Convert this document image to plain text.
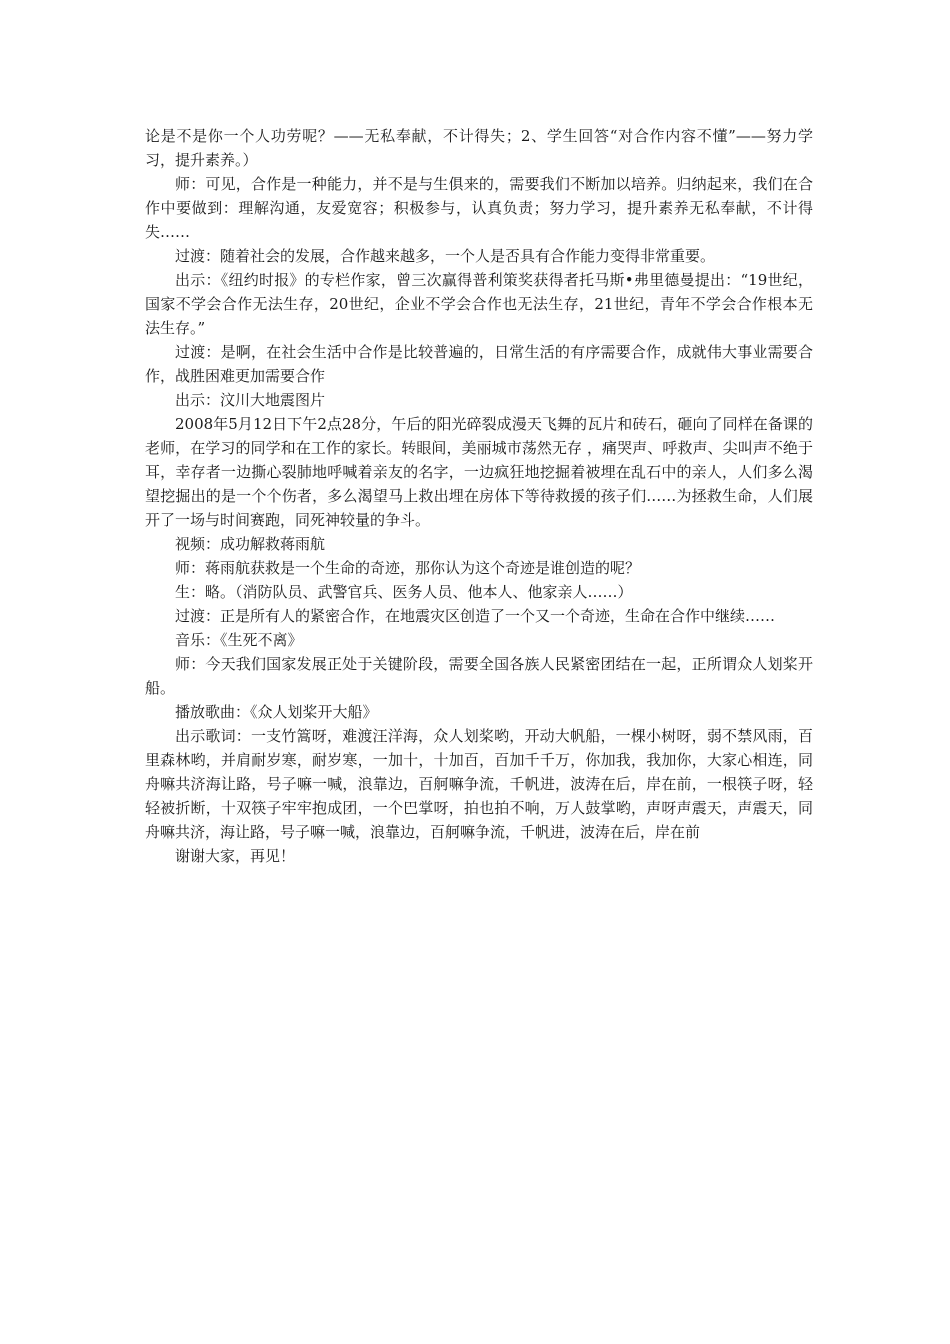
论是不是你一个人功劳呢？——无私奉献，不计得失；2、学生回答“对合作内容不懂”——努力学习，提升素养。）

师：可见，合作是一种能力，并不是与生俱来的，需要我们不断加以培养。归纳起来，我们在合作中要做到：理解沟通，友爱宽容；积极参与，认真负责；努力学习，提升素养无私奉献，不计得失……

过渡：随着社会的发展，合作越来越多，一个人是否具有合作能力变得非常重要。

出示：《纽约时报》的专栏作家，曾三次赢得普利策奖获得者托马斯•弗里德曼提出：“19世纪，国家不学会合作无法生存，20世纪，企业不学会合作也无法生存，21世纪，青年不学会合作根本无法生存。”

过渡：是啊，在社会生活中合作是比较普遍的，日常生活的有序需要合作，成就伟大事业需要合作，战胜困难更加需要合作

出示：汶川大地震图片

2008年5月12日下午2点28分，午后的阳光碎裂成漫天飞舞的瓦片和砖石，砸向了同样在备课的老师，在学习的同学和在工作的家长。转眼间，美丽城市荡然无存 ，痛哭声、呼救声、尖叫声不绝于耳，幸存者一边撕心裂肺地呼喊着亲友的名字，一边疯狂地挖掘着被埋在乱石中的亲人，人们多么渴望挖掘出的是一个个伤者，多么渴望马上救出埋在房体下等待救援的孩子们……为拯救生命，人们展开了一场与时间赛跑，同死神较量的争斗。

视频：成功解救蒋雨航

师：蒋雨航获救是一个生命的奇迹，那你认为这个奇迹是谁创造的呢？

生：略。（消防队员、武警官兵、医务人员、他本人、他家亲人……）

过渡：正是所有人的紧密合作，在地震灾区创造了一个又一个奇迹，生命在合作中继续……

音乐：《生死不离》

师：今天我们国家发展正处于关键阶段，需要全国各族人民紧密团结在一起，正所谓众人划桨开船。

播放歌曲：《众人划桨开大船》

出示歌词：一支竹篙呀，难渡汪洋海，众人划桨哟，开动大帆船，一棵小树呀，弱不禁风雨，百里森林哟，并肩耐岁寒，耐岁寒，一加十，十加百，百加千千万，你加我，我加你，大家心相连，同舟嘛共济海让路，号子嘛一喊，浪靠边，百舸嘛争流，千帆进，波涛在后，岸在前，一根筷子呀，轻轻被折断，十双筷子牢牢抱成团，一个巴掌呀，拍也拍不响，万人鼓掌哟，声呀声震天，声震天，同舟嘛共济，海让路，号子嘛一喊，浪靠边，百舸嘛争流，千帆进，波涛在后，岸在前

谢谢大家，再见！
